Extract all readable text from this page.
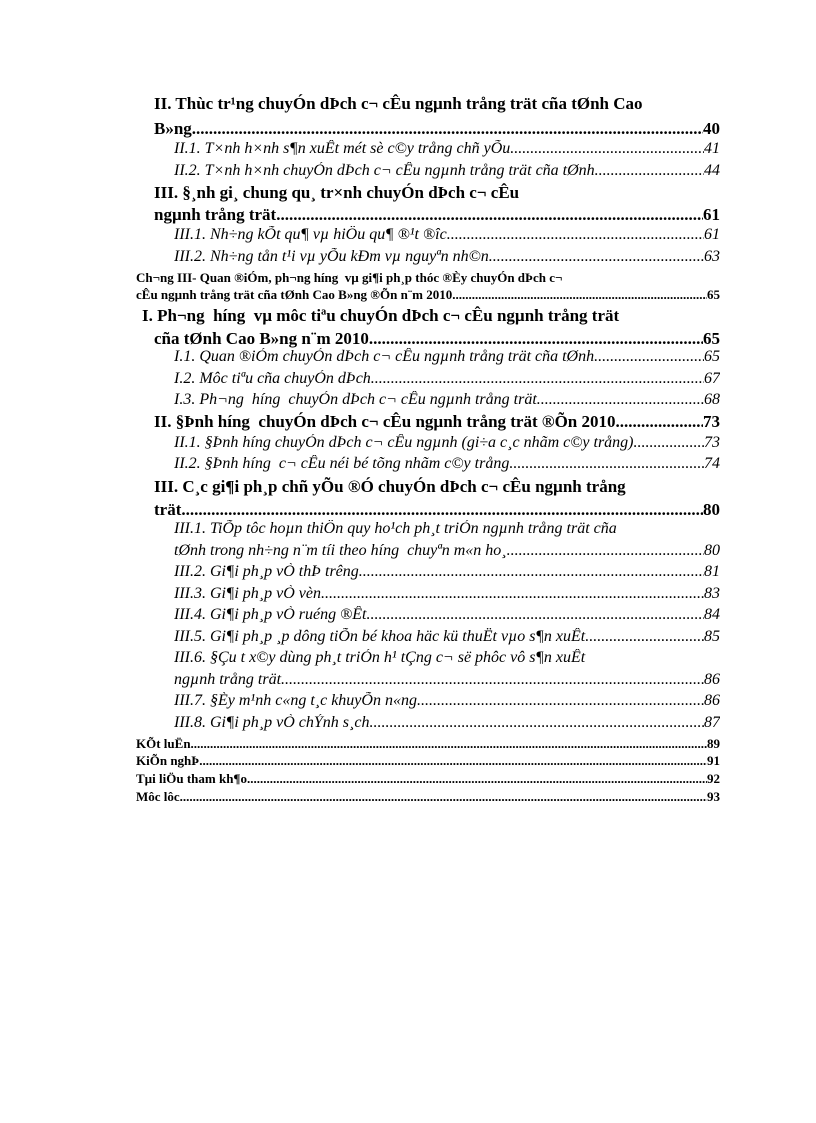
II. Thùc tr¹ng chuyÓn dÞch c¬ cÊu ngµnh trång trät cña tØnh Cao
B»ng. .....	40
II.1. T×nh h×nh s¶n xuÊt mét sè c©y trång chñ yÕu .....	41
II.2. T×nh h×nh chuyÓn dÞch c¬ cÊu ngµnh trång trät cña tØnh .....	44
III. §¸nh gi¸ chung qu¸ tr×nh chuyÓn dÞch c¬ cÊu
ngµnh trång trät. .....	61
III.1. Nh÷ng kÕt qu¶ vµ hiÖu qu¶ ®¹t ®îc. .....	61
III.2. Nh÷ng tån t¹i vµ yÕu kÐm vµ nguyªn nh©n. .....	63
Ch¬ng III- Quan ®iÓm, ph¬ng híng  vµ gi¶i ph¸p thóc ®Èy chuyÓn dÞch c¬
cÊu ngµnh trång trät cña tØnh Cao B»ng ®Õn n¨m 2010. .....	65
I. Ph¬ng  híng  vµ môc tiªu chuyÓn dÞch c¬ cÊu ngµnh trång trät
cña tØnh Cao B»ng n¨m 2010. .....	65
I.1. Quan ®iÓm chuyÓn dÞch c¬ cÊu ngµnh trång trät cña tØnh .....	65
I.2. Môc tiªu cña chuyÓn dÞch .....	67
I.3. Ph¬ng  híng  chuyÓn dÞch c¬ cÊu ngµnh trång trät. .....	68
II. §Þnh híng  chuyÓn dÞch c¬ cÊu ngµnh trång trät ®Õn 2010 .....	73
II.1. §Þnh híng chuyÓn dÞch c¬ cÊu ngµnh (gi÷a c¸c nhãm c©y trång). .....	73
II.2. §Þnh híng  c¬ cÊu néi bé tõng nhãm c©y trång .....	74
III. C¸c gi¶i ph¸p chñ yÕu ®Ó chuyÓn dÞch c¬ cÊu ngµnh trång
trät. .....	80
III.1. TiÕp tôc hoµn thiÖn quy ho¹ch ph¸t triÓn ngµnh trång trät cña
tØnh trong nh÷ng n¨m tíi theo híng  chuyªn m«n ho¸. .....	80
III.2. Gi¶i ph¸p vÒ thÞ trêng. .....	81
III.3. Gi¶i ph¸p vÒ vèn. .....	83
III.4. Gi¶i ph¸p vÒ ruéng ®Êt. .....	84
III.5. Gi¶i ph¸p ¸p dông tiÕn bé khoa häc kü thuËt vµo s¶n xuÊt. .....	85
III.6. §Çu t x©y dùng ph¸t triÓn h¹ tÇng c¬ së phôc vô s¶n xuÊt
ngµnh trång trät. .....	86
III.7. §Èy m¹nh c«ng t¸c khuyÕn n«ng. .....	86
III.8. Gi¶i ph¸p vÒ chÝnh s¸ch. .....	87
KÕt luËn .....	89
KiÕn nghÞ .....	91
Tµi liÖu tham kh¶o .....	92
Môc lôc .....	93
